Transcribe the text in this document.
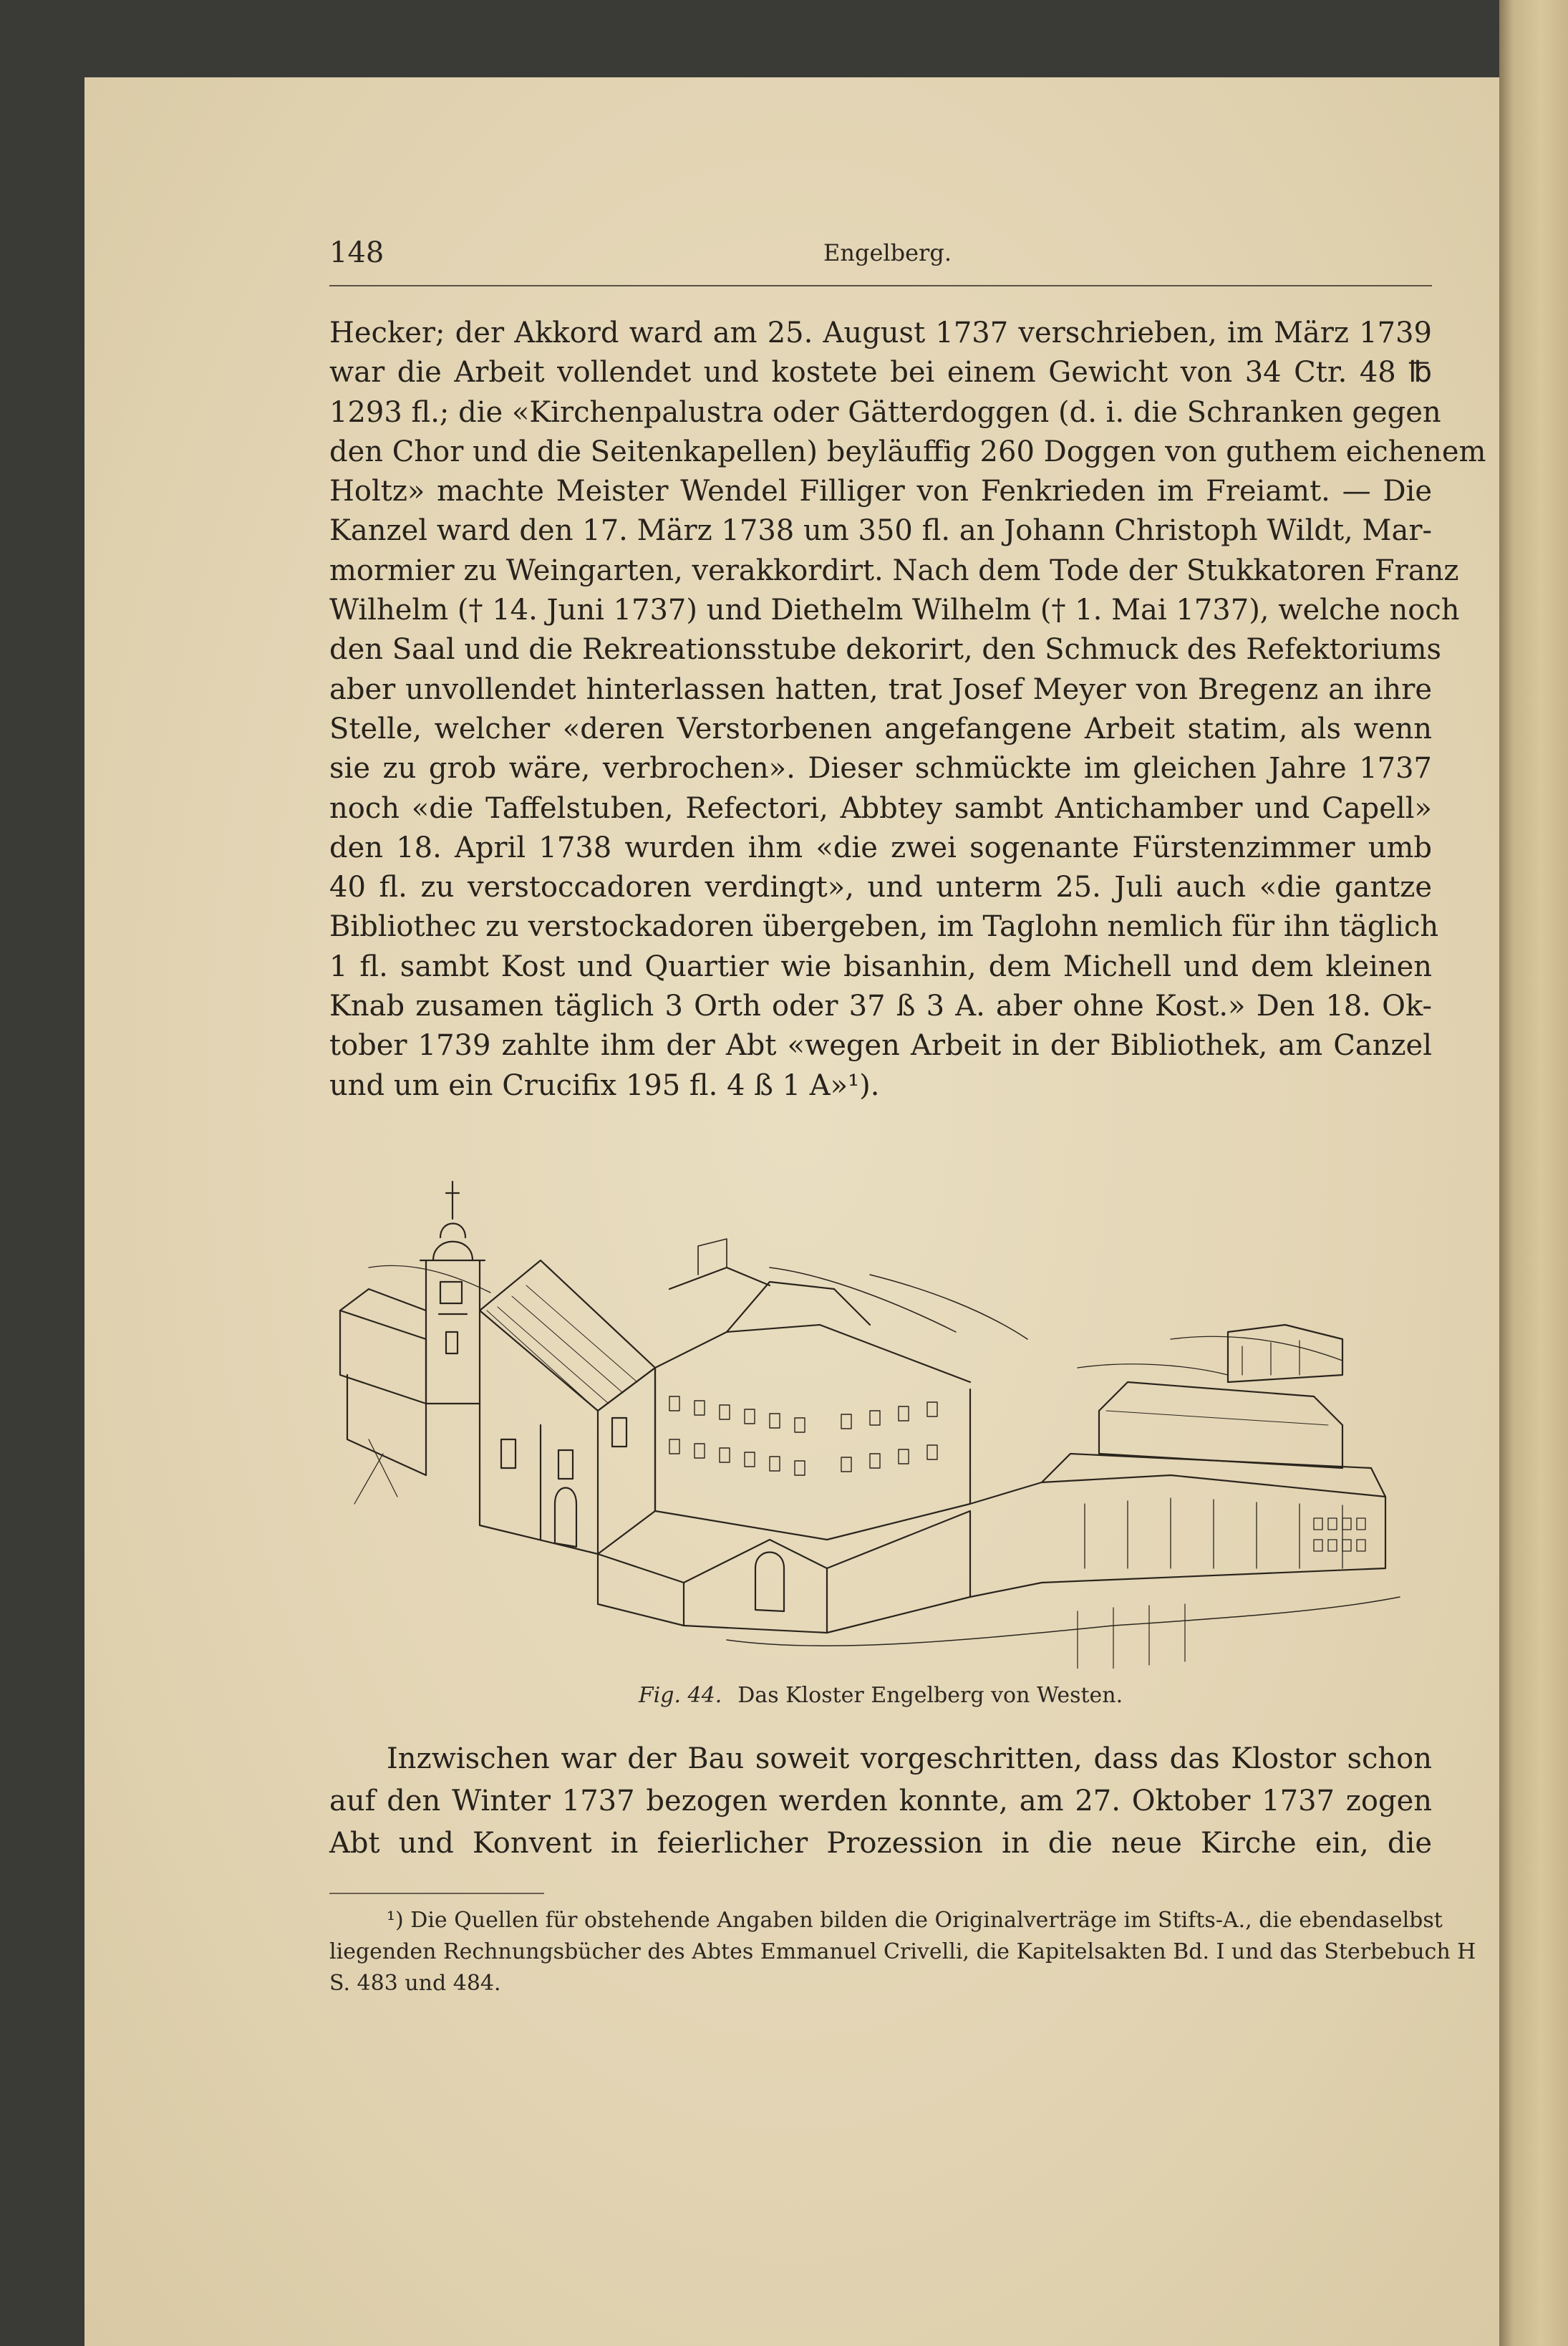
148	Engelberg.
Hecker; der Akkord ward am 25. August 1737 verschrieben, im März 1739
war die Arbeit vollendet und kostete bei einem Gewicht von 34 Ctr. 48 ℔
1293 fl.; die «Kirchenpalustra oder Gätterdoggen (d. i. die Schranken gegen
den Chor und die Seitenkapellen) beyläuffig 260 Doggen von guthem eichenem
Holtz» machte Meister Wendel Filliger von Fenkrieden im Freiamt. — Die
Kanzel ward den 17. März 1738 um 350 fl. an Johann Christoph Wildt, Mar-
mormier zu Weingarten, verakkordirt. Nach dem Tode der Stukkatoren Franz
Wilhelm († 14. Juni 1737) und Diethelm Wilhelm († 1. Mai 1737), welche noch
den Saal und die Rekreationsstube dekorirt, den Schmuck des Refektoriums
aber unvollendet hinterlassen hatten, trat Josef Meyer von Bregenz an ihre
Stelle, welcher «deren Verstorbenen angefangene Arbeit statim, als wenn
sie zu grob wäre, verbrochen». Dieser schmückte im gleichen Jahre 1737
noch «die Taffelstuben, Refectori, Abbtey sambt Antichamber und Capell»
den 18. April 1738 wurden ihm «die zwei sogenante Fürstenzimmer umb
40 fl. zu verstoccadoren verdingt», und unterm 25. Juli auch «die gantze
Bibliothec zu verstockadoren übergeben, im Taglohn nemlich für ihn täglich
1 fl. sambt Kost und Quartier wie bisanhin, dem Michell und dem kleinen
Knab zusamen täglich 3 Orth oder 37 ß 3 A. aber ohne Kost.» Den 18. Ok-
tober 1739 zahlte ihm der Abt «wegen Arbeit in der Bibliothek, am Canzel
und um ein Crucifix 195 fl. 4 ß 1 A»¹).
Fig. 44. Das Kloster Engelberg von Westen.
Inzwischen war der Bau soweit vorgeschritten, dass das Klostor schon
auf den Winter 1737 bezogen werden konnte, am 27. Oktober 1737 zogen
Abt und Konvent in feierlicher Prozession in die neue Kirche ein, die
¹) Die Quellen für obstehende Angaben bilden die Originalverträge im Stifts-A., die ebendaselbst
liegenden Rechnungsbücher des Abtes Emmanuel Crivelli, die Kapitelsakten Bd. I und das Sterbebuch H
S. 483 und 484.
